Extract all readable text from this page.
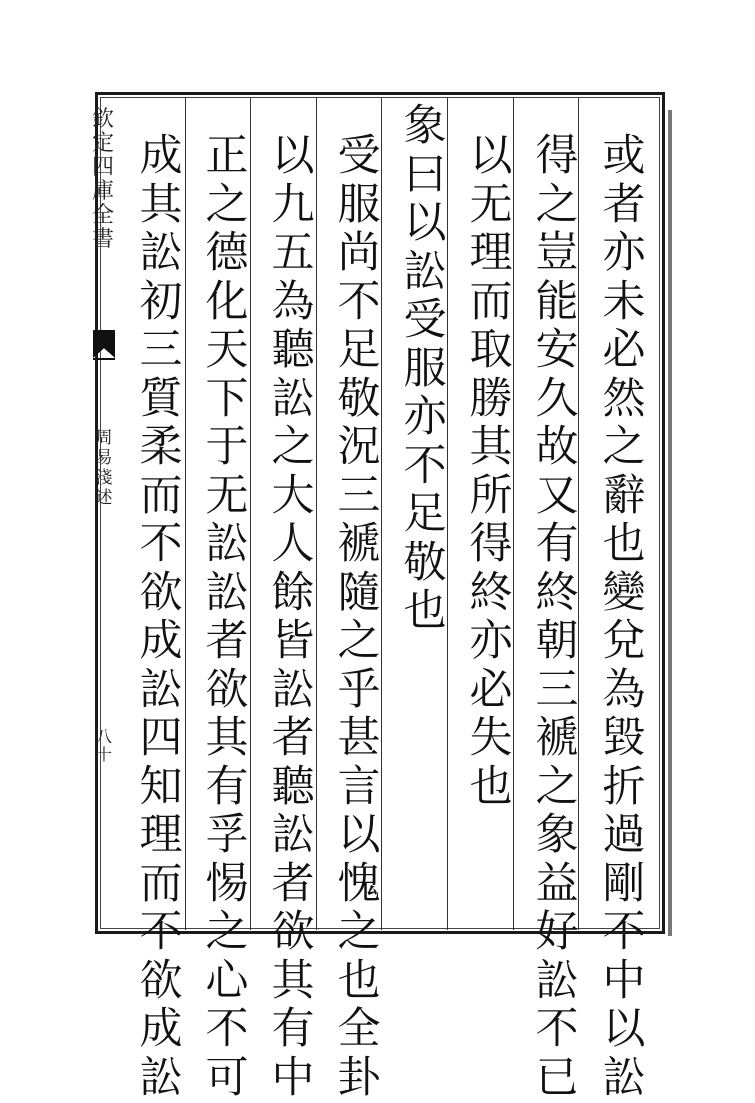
欽
定
四
庫
全
書
周
易
淺
述
八
十
或
者
亦
未
必
然
之
辭
也
變
兌
為
毀
折
過
剛
不
中
以
訟
得
之
豈
能
安
久
故
又
有
終
朝
三
褫
之
象
益
好
訟
不
已
以
无
理
而
取
勝
其
所
得
終
亦
必
失
也
象
曰
以
訟
受
服
亦
不
足
敬
也
受
服
尚
不
足
敬
況
三
褫
隨
之
乎
甚
言
以
愧
之
也
全
卦
以
九
五
為
聽
訟
之
大
人
餘
皆
訟
者
聽
訟
者
欲
其
有
中
正
之
德
化
天
下
于
无
訟
訟
者
欲
其
有
孚
惕
之
心
不
可
成
其
訟
初
三
質
柔
而
不
欲
成
訟
四
知
理
而
不
欲
成
訟
